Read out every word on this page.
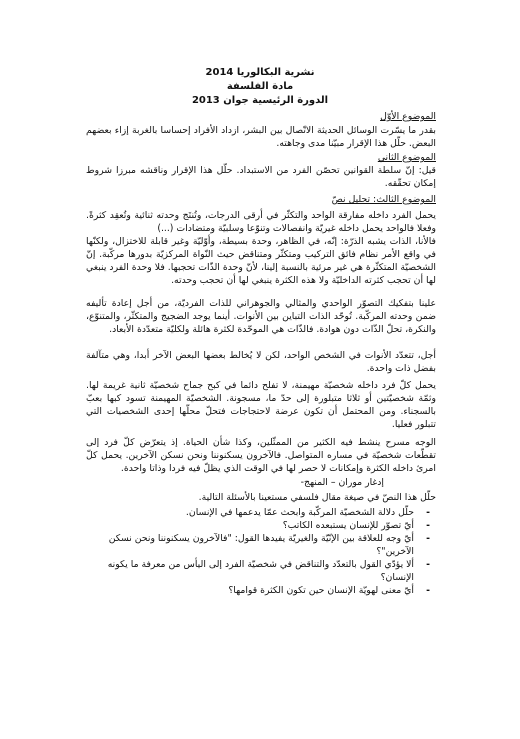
نشرية البكالوريا 2014
مادة الفلسفة
الدورة الرئيسية جوان 2013
الموضوع الأوّل
بقدر ما يسّرت الوسائل الحديثة الاتّصال بين البشر، ازداد الأفراد إحساسا بالغربة إزاء بعضهم البعض. حلّل هذا الإقرار مبيّنا مدى وجاهته.
الموضوع الثاني
قيل: إنّ سلطة القوانين تحصّن الفرد من الاستبداد. حلّل هذا الإقرار وناقشه مبرزا شروط إمكان تحقّقه.
الموضوع الثالث: تحليل نصّ
يحمل الفرد داخله مفارقة الواحد والتكثّر في أرقى الدرجات، وتُنتَج وحدته ثنائية وتُعقِد كثرةً. وفعلا فالواحد يحمل داخله غيريّة وانفصالات وتنوّعا وسلبيّة ومتضادات (...)
فالأنا، الذات يشبه الذرّة: إنّه، في الظاهر، وحدة بسيطة، وأوّليّة وغير قابلة للاختزال، ولكنّها في واقع الأمر نظام فائق التركيب ومتكثّر ومتناقض حيث النّواة المركزيّة بدورها مركّبة. إنّ الشخصيّة المتكثّرة هي غير مرئية بالنسبة إلينا، لأنّ وحدة الذّات تحجبها. فلا وحدة الفرد ينبغي لها أن تحجب كثرته الداخليّة ولا هذه الكثرة ينبغي لها أن تحجب وحدته.
علينا بتفكيك التصوّر الواحدي والمثالي والجوهراني للذات الفرديّة، من أجل إعادة تأليفه ضمن وحدته المركّبة. تُوحّد الذات التباين بين الأنوات. أينما يوجد الضجيج والمتكثّر، والمتنوّع، والنكرة، تحلّ الذّات دون هوادة. فالذّات هي الموحّدة لكثرة هائلة ولكليّة متعدّدة الأبعاد.
أجل، تتعدّد الأنوات في الشخص الواحد، لكن لا يُخالط بعضها البعض الآخر أبدا، وهي متآلفة بفضل ذات واحدة.
يحمل كلّ فرد داخله شخصيّة مهيمنة، لا تفلح دائما في كبح جماح شخصيّة ثانية غريمة لها. وثمّة شخصيّتين أو ثلاثا متبلورة إلى حدّ ما، مسجونة. الشخصيّة المهيمنة تسود كبها بعبّ بالسجناء. ومن المحتمل أن تكون عرضة لاحتجاجات فتحلّ محلّها إحدى الشخصيات التي تتبلور فعليا.
الوجه مسرح ينشط فيه الكثير من الممثّلين، وكذا شأن الحياة. إذ يتعرّض كلّ فرد إلى تقطّعات شخصيّة في مساره المتواصل. فالآخرون يسكنوننا ونحن نسكن الآخرين. يحمل كلّ امرئ داخله الكثرة وإمكانات لا حصر لها في الوقت الذي يظلّ فيه فردا وذاتا واحدة.
إدغار موران – المنهج-
حلّل هذا النصّ في صيغة مقال فلسفي مستعينا بالأسئلة التالية.
- حلّل دلالة الشخصيّة المركّبة وابحث عمّا يدعمها في الإنسان.
- أيّ تصوّر للإنسان يستبعده الكاتب؟
- أيّ وجه للعلاقة بين الإنّيّة والغيريّة يفيدها القول: "فالآخرون يسكنوننا ونحن نسكن الآخرين"؟
- ألا يؤدّي القول بالتعدّد والتناقض في شخصيّة الفرد إلى اليأس من معرفة ما يكونه الإنسان؟
- أيّ معنى لهويّة الإنسان حين تكون الكثرة قوامها؟
